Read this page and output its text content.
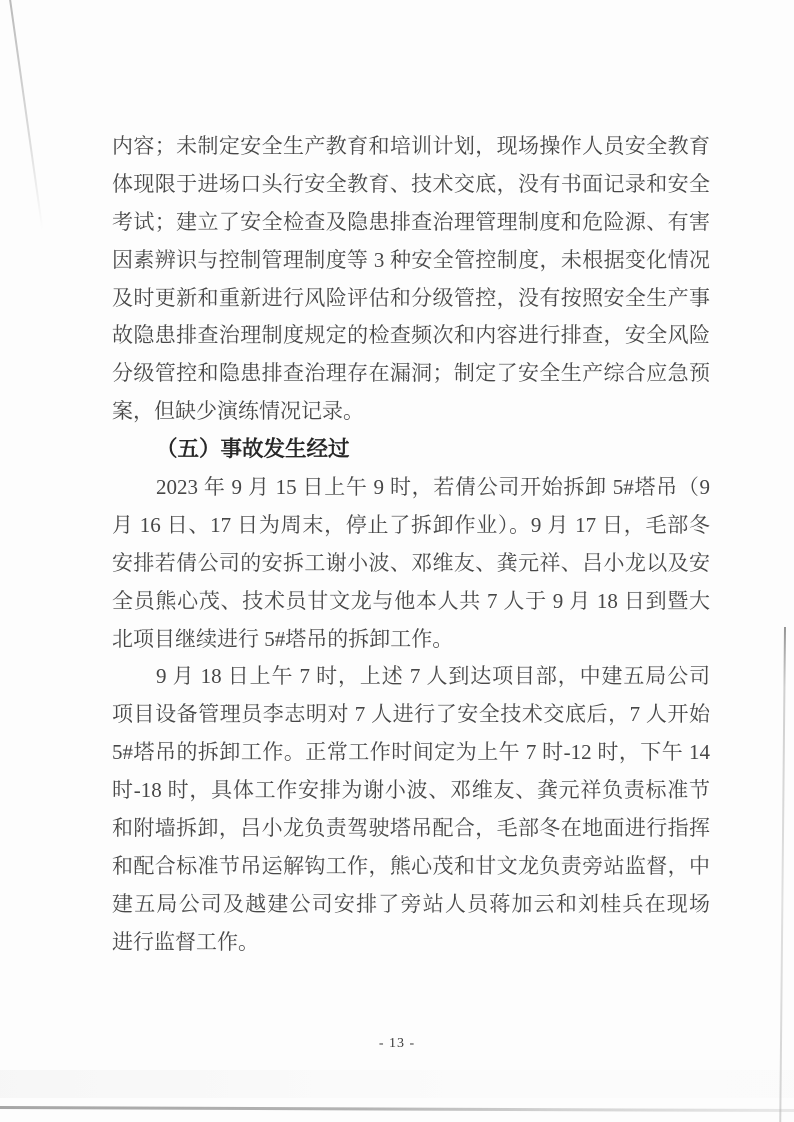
内容；未制定安全生产教育和培训计划，现场操作人员安全教育
体现限于进场口头行安全教育、技术交底，没有书面记录和安全
考试；建立了安全检查及隐患排查治理管理制度和危险源、有害
因素辨识与控制管理制度等 3 种安全管控制度，未根据变化情况
及时更新和重新进行风险评估和分级管控，没有按照安全生产事
故隐患排查治理制度规定的检查频次和内容进行排查，安全风险
分级管控和隐患排查治理存在漏洞；制定了安全生产综合应急预
案，但缺少演练情况记录。
（五）事故发生经过
2023 年 9 月 15 日上午 9 时，若倩公司开始拆卸 5#塔吊（9
月 16 日、17 日为周末，停止了拆卸作业）。9 月 17 日，毛部冬
安排若倩公司的安拆工谢小波、邓维友、龚元祥、吕小龙以及安
全员熊心茂、技术员甘文龙与他本人共 7 人于 9 月 18 日到暨大
北项目继续进行 5#塔吊的拆卸工作。
9 月 18 日上午 7 时，上述 7 人到达项目部，中建五局公司
项目设备管理员李志明对 7 人进行了安全技术交底后，7 人开始
5#塔吊的拆卸工作。正常工作时间定为上午 7 时-12 时，下午 14
时-18 时，具体工作安排为谢小波、邓维友、龚元祥负责标准节
和附墙拆卸，吕小龙负责驾驶塔吊配合，毛部冬在地面进行指挥
和配合标准节吊运解钩工作，熊心茂和甘文龙负责旁站监督，中
建五局公司及越建公司安排了旁站人员蒋加云和刘桂兵在现场
进行监督工作。
- 13 -
